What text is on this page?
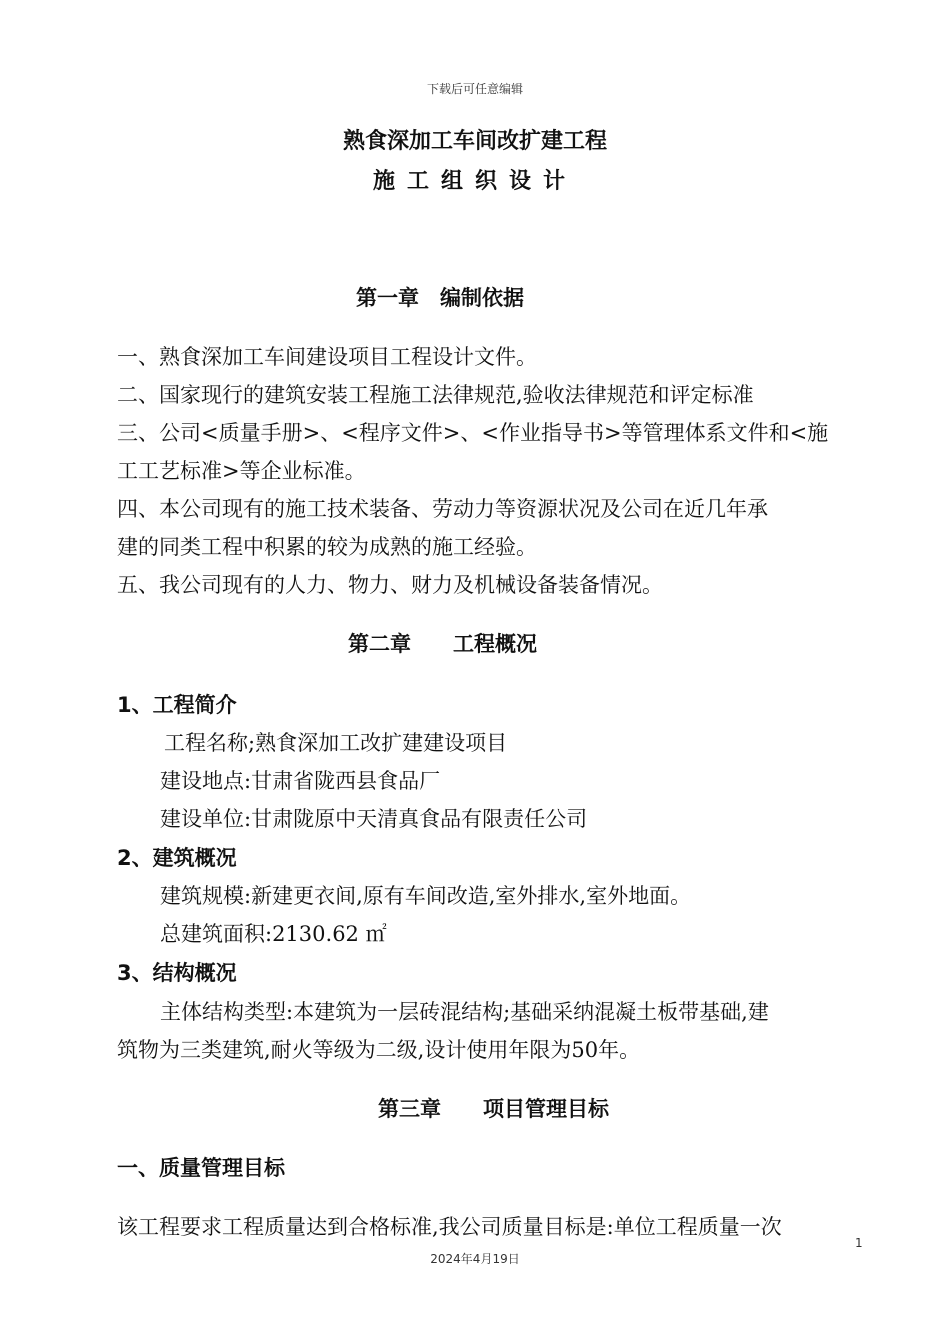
下载后可任意编辑
熟食深加工车间改扩建工程
施工组织设计
第一章　编制依据
一、熟食深加工车间建设项目工程设计文件。
二、国家现行的建筑安装工程施工法律规范,验收法律规范和评定标准
三、公司<质量手册>、<程序文件>、<作业指导书>等管理体系文件和<施
工工艺标准>等企业标准。
四、本公司现有的施工技术装备、劳动力等资源状况及公司在近几年承
建的同类工程中积累的较为成熟的施工经验。
五、我公司现有的人力、物力、财力及机械设备装备情况。
第二章　　工程概况
1、工程简介
工程名称;熟食深加工改扩建建设项目
建设地点:甘肃省陇西县食品厂
建设单位:甘肃陇原中天清真食品有限责任公司
2、建筑概况
建筑规模:新建更衣间,原有车间改造,室外排水,室外地面。
总建筑面积:2130.62 ㎡
3、结构概况
主体结构类型:本建筑为一层砖混结构;基础采纳混凝土板带基础,建
筑物为三类建筑,耐火等级为二级,设计使用年限为50年。
第三章　　项目管理目标
一、质量管理目标
该工程要求工程质量达到合格标准,我公司质量目标是:单位工程质量一次
1
2024年4月19日
